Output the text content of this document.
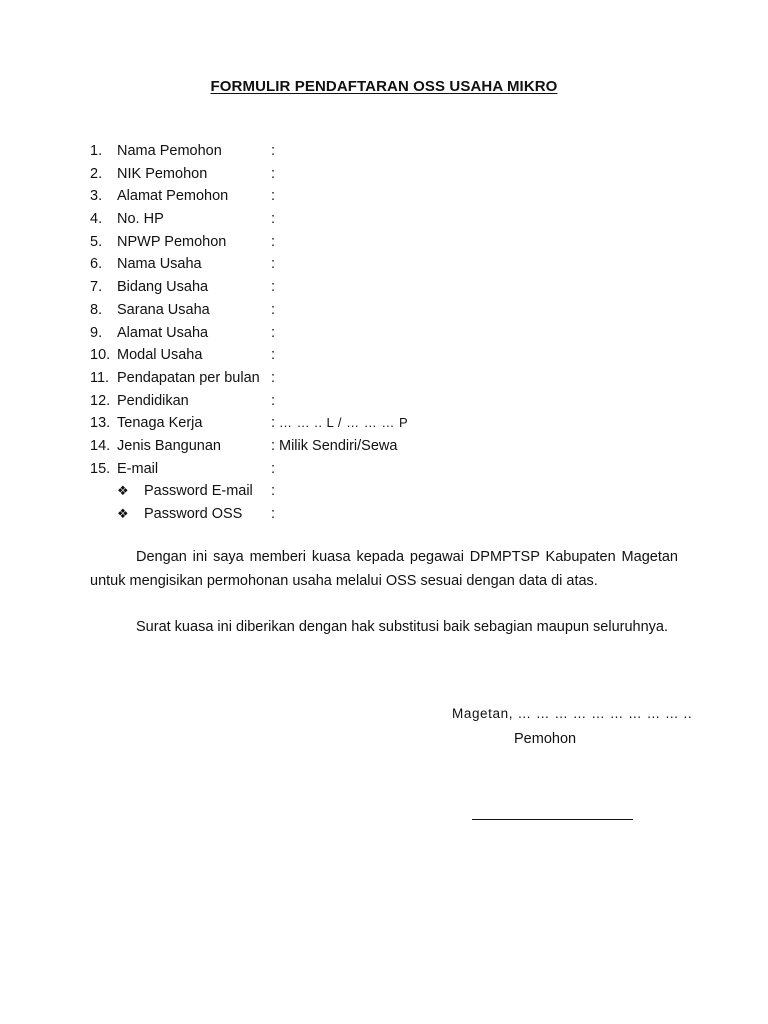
FORMULIR PENDAFTARAN OSS USAHA MIKRO
1. Nama Pemohon	:
2. NIK Pemohon	:
3. Alamat Pemohon	:
4. No. HP	:
5. NPWP Pemohon	:
6. Nama Usaha	:
7. Bidang Usaha	:
8. Sarana Usaha	:
9. Alamat Usaha	:
10. Modal Usaha	:
11. Pendapatan per bulan :
12. Pendidikan	:
13. Tenaga Kerja	: … … .. L / … … … P
14. Jenis Bangunan	: Milik Sendiri/Sewa
15. E-mail	:
❖ Password E-mail :
❖ Password OSS :
Dengan ini saya memberi kuasa kepada pegawai DPMPTSP Kabupaten Magetan untuk mengisikan permohonan usaha melalui OSS sesuai dengan data di atas.
Surat kuasa ini diberikan dengan hak substitusi baik sebagian maupun seluruhnya.
Magetan, … … … … … … … … … ..
Pemohon
